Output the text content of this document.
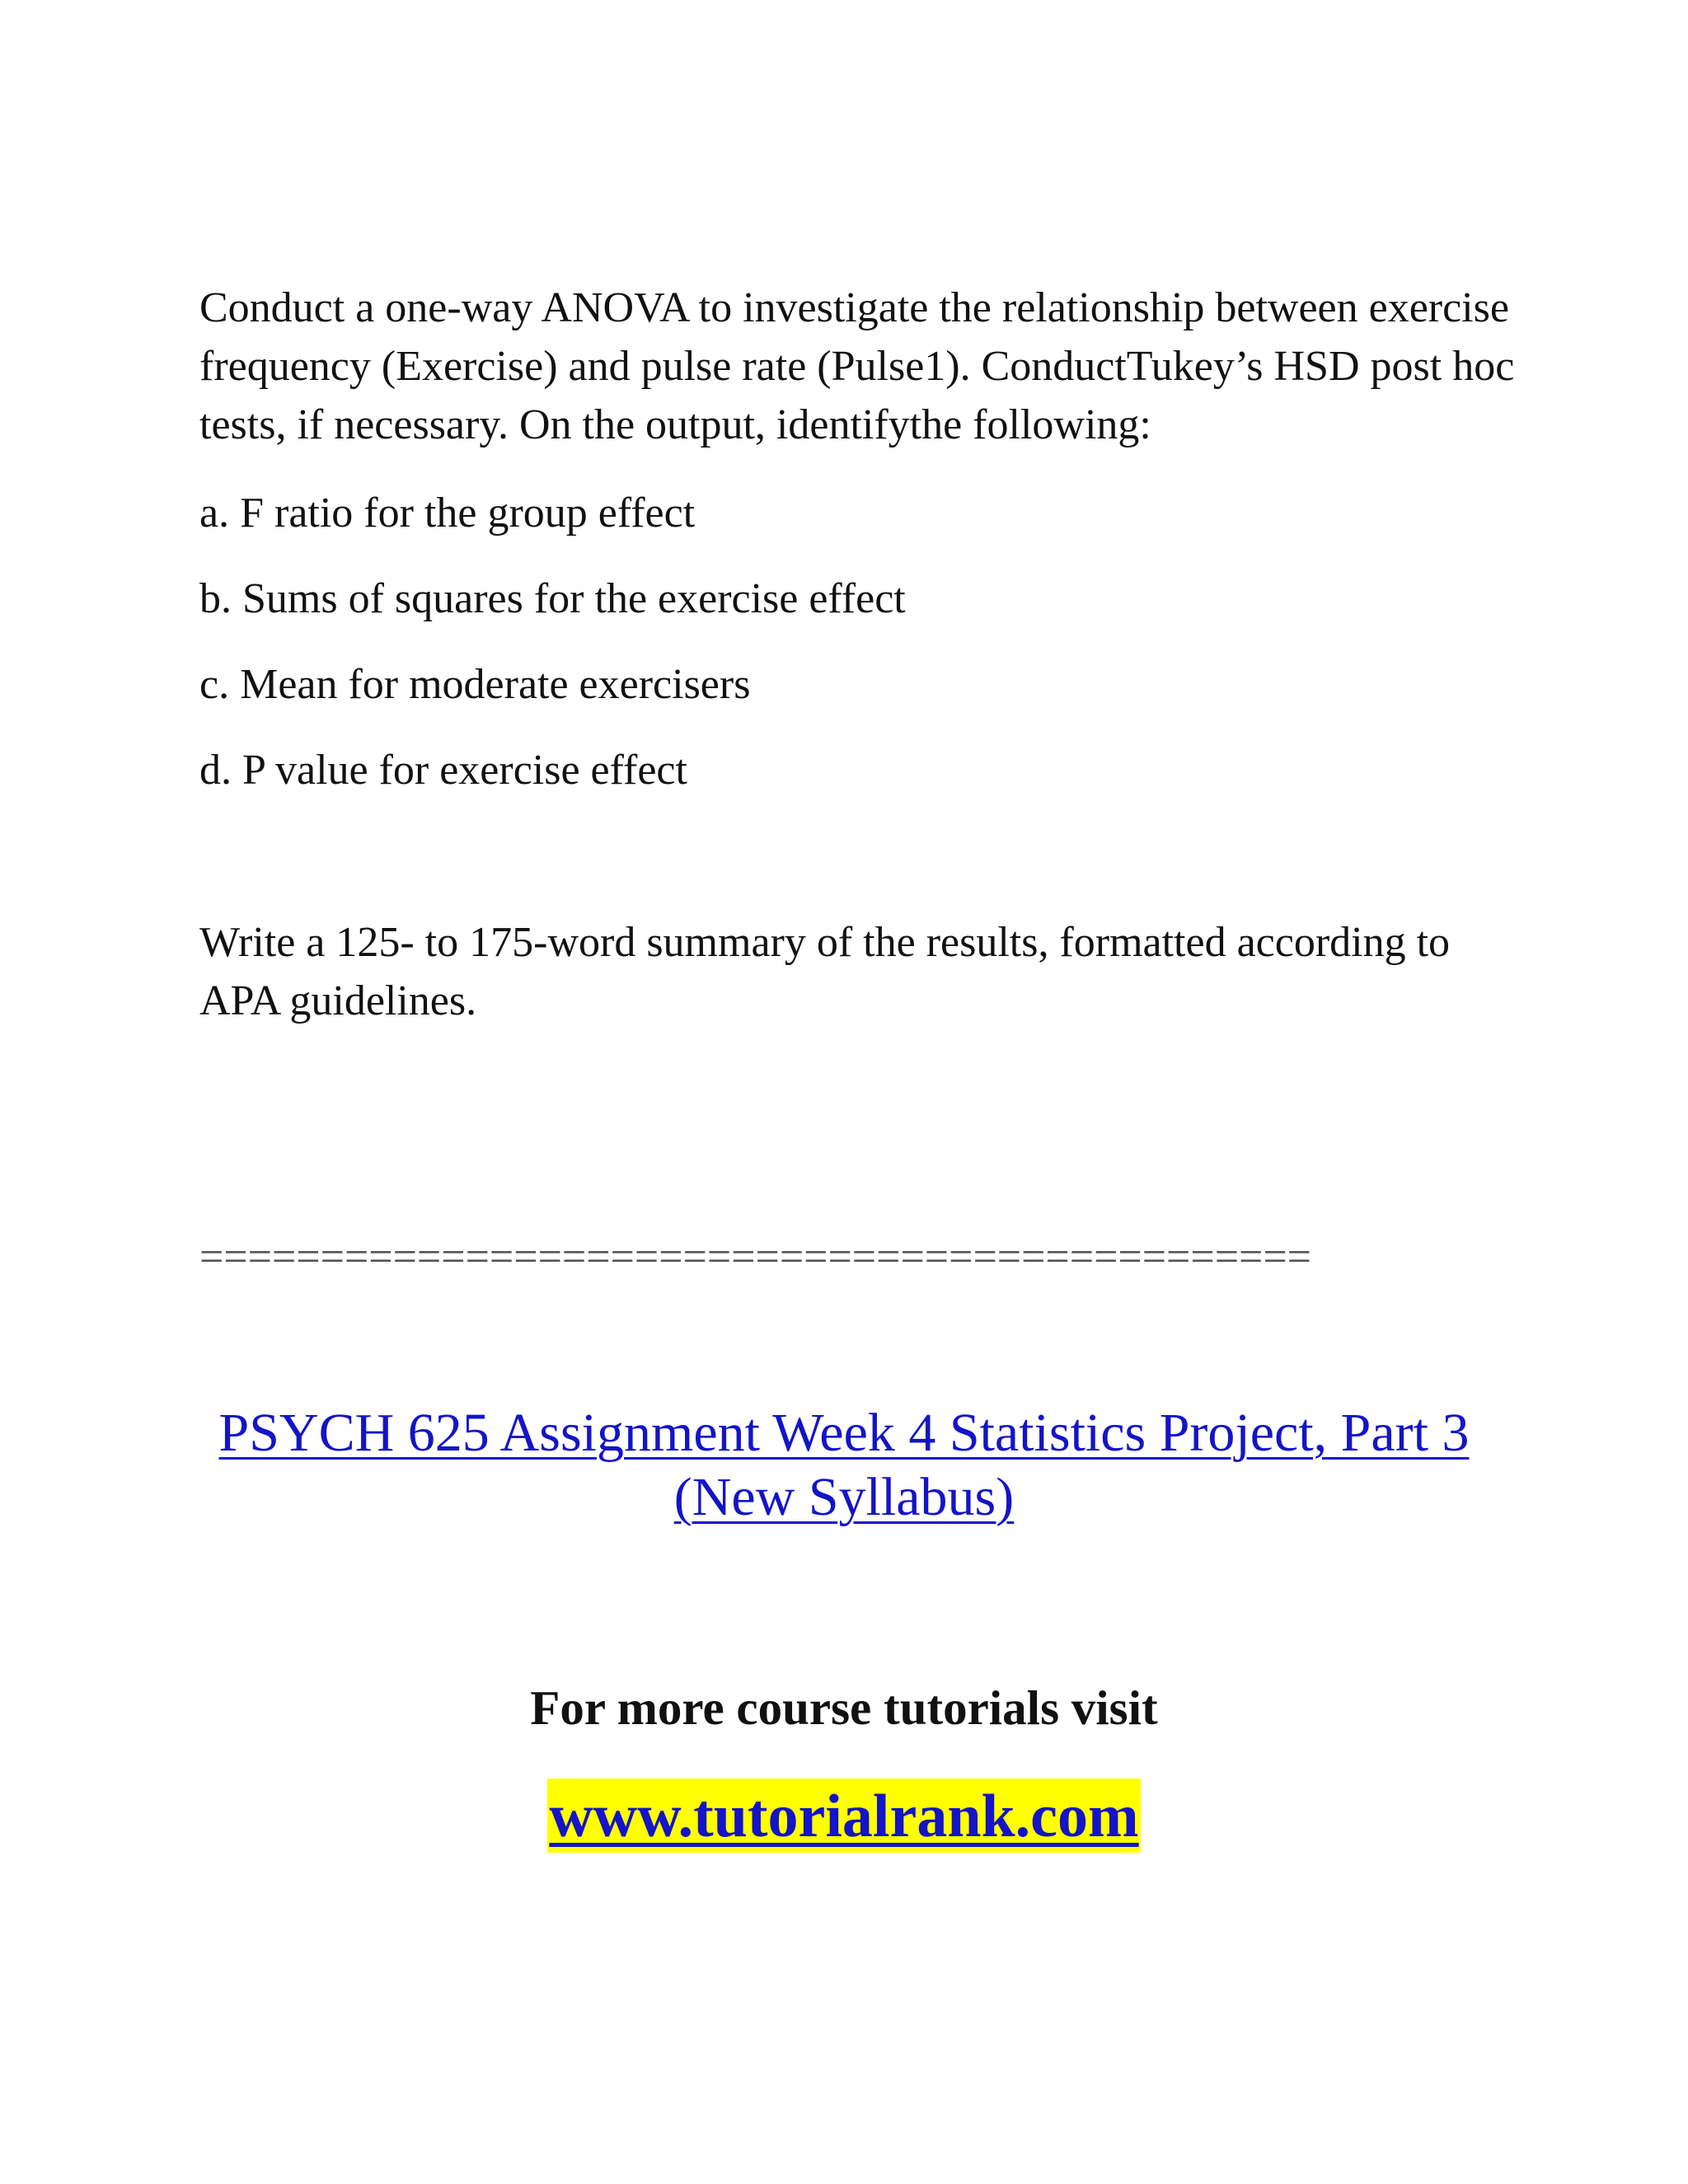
Conduct a one-way ANOVA to investigate the relationship between exercise frequency (Exercise) and pulse rate (Pulse1). ConductTukey’s HSD post hoc tests, if necessary. On the output, identifythe following:

a. F ratio for the group effect

b. Sums of squares for the exercise effect

c. Mean for moderate exercisers

d. P value for exercise effect

Write a 125- to 175-word summary of the results, formatted according to APA guidelines.

==============================================

PSYCH 625 Assignment Week 4 Statistics Project, Part 3 (New Syllabus)

For more course tutorials visit

www.tutorialrank.com
